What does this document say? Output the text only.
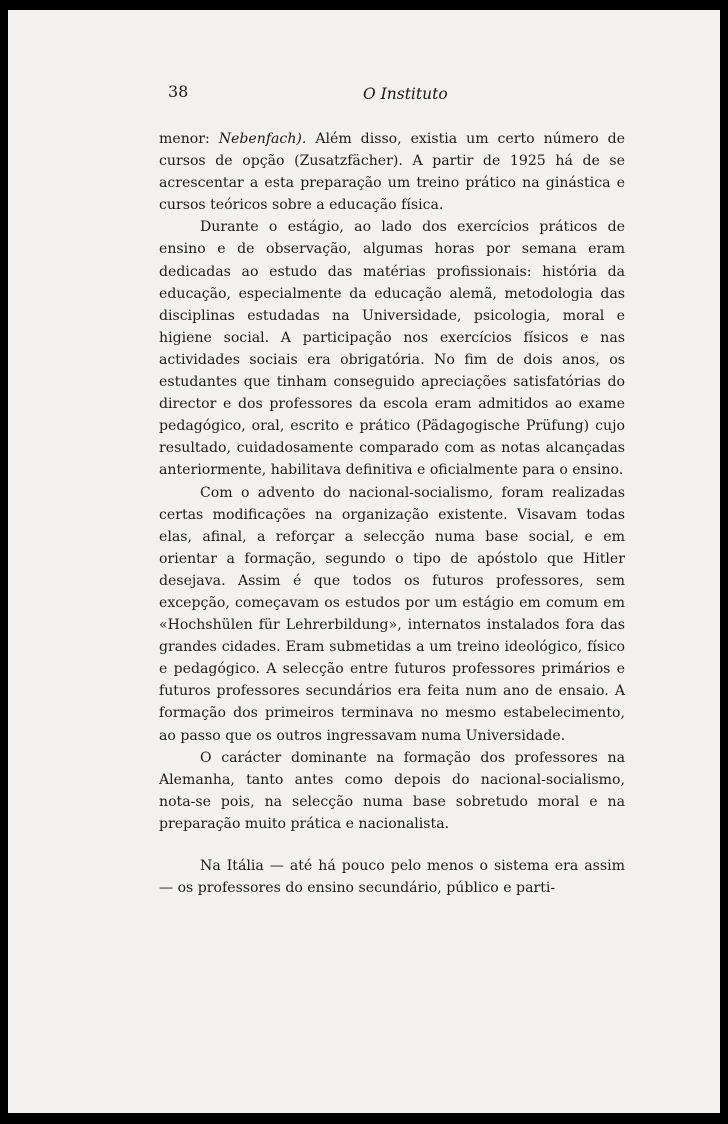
38	O Instituto

menor: Nebenfach). Além disso, existia um certo número de cursos de opção (Zusatzfächer). A partir de 1925 há de se acrescentar a esta preparação um treino prático na ginástica e cursos teóricos sobre a educação física.

Durante o estágio, ao lado dos exercícios práticos de ensino e de observação, algumas horas por semana eram dedicadas ao estudo das matérias profissionais: história da educação, especialmente da educação alemã, metodologia das disciplinas estudadas na Universidade, psicologia, moral e higiene social. A participação nos exercícios físicos e nas actividades sociais era obrigatória. No fim de dois anos, os estudantes que tinham conseguido apreciações satisfatórias do director e dos professores da escola eram admitidos ao exame pedagógico, oral, escrito e prático (Pädagogische Prüfung) cujo resultado, cuidadosamente comparado com as notas alcançadas anteriormente, habilitava definitiva e oficialmente para o ensino.

Com o advento do nacional-socialismo, foram realizadas certas modificações na organização existente. Visavam todas elas, afinal, a reforçar a selecção numa base social, e em orientar a formação, segundo o tipo de apóstolo que Hitler desejava. Assim é que todos os futuros professores, sem excepção, começavam os estudos por um estágio em comum em «Hochshülen für Lehrerbildung», internatos instalados fora das grandes cidades. Eram submetidas a um treino ideológico, físico e pedagógico. A selecção entre futuros professores primários e futuros professores secundários era feita num ano de ensaio. A formação dos primeiros terminava no mesmo estabelecimento, ao passo que os outros ingressavam numa Universidade.

O carácter dominante na formação dos professores na Alemanha, tanto antes como depois do nacional-socialismo, nota-se pois, na selecção numa base sobretudo moral e na preparação muito prática e nacionalista.

Na Itália — até há pouco pelo menos o sistema era assim — os professores do ensino secundário, público e parti-
